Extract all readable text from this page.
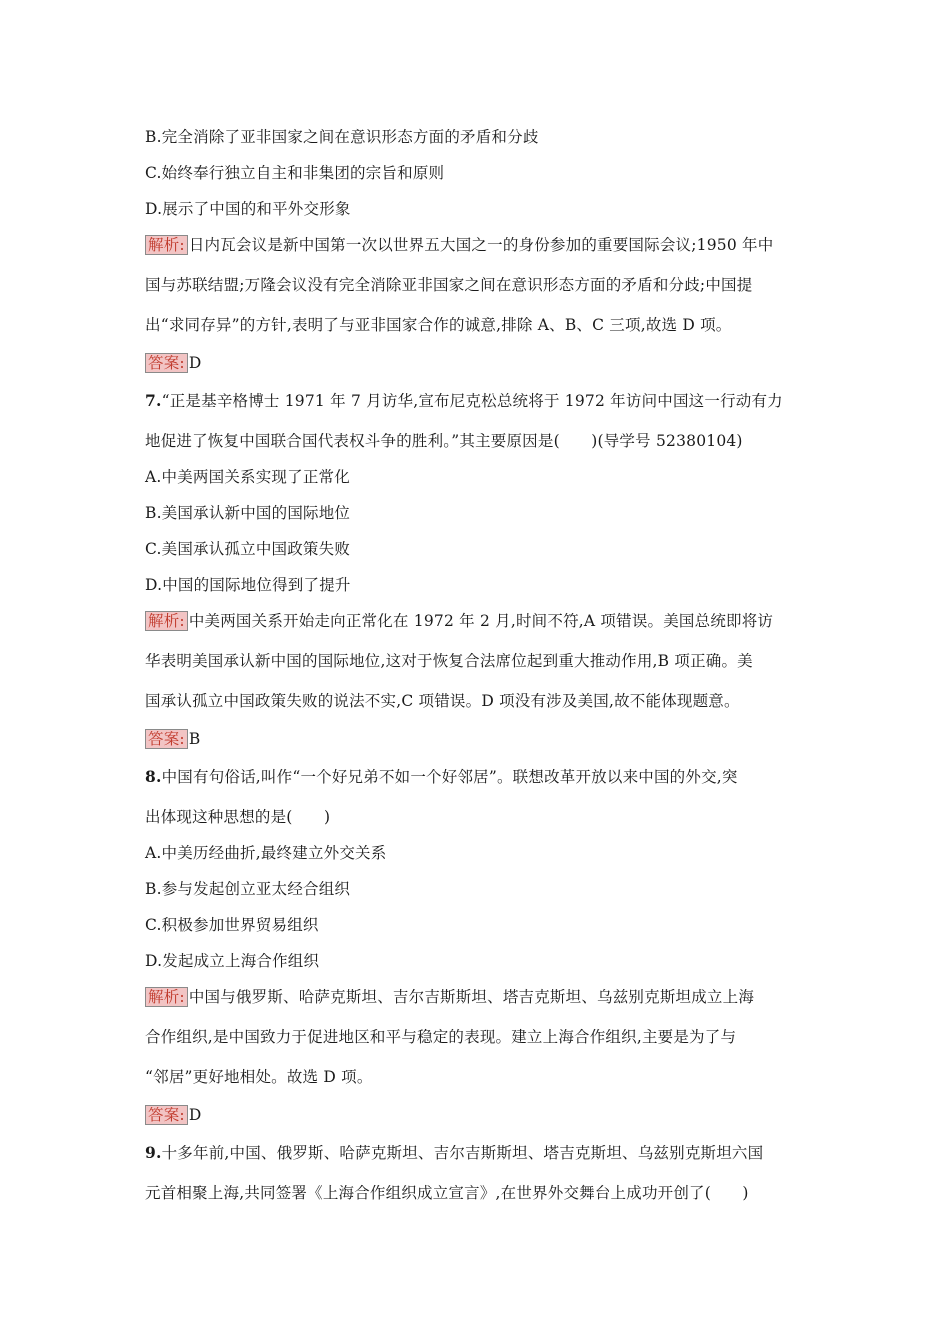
B.完全消除了亚非国家之间在意识形态方面的矛盾和分歧
C.始终奉行独立自主和非集团的宗旨和原则
D.展示了中国的和平外交形象
解析: 日内瓦会议是新中国第一次以世界五大国之一的身份参加的重要国际会议;1950 年中
国与苏联结盟;万隆会议没有完全消除亚非国家之间在意识形态方面的矛盾和分歧;中国提
出“求同存异”的方针,表明了与亚非国家合作的诚意,排除 A、B、C 三项,故选 D 项。
答案: D
7.“正是基辛格博士 1971 年 7 月访华,宣布尼克松总统将于 1972 年访问中国这一行动有力
地促进了恢复中国联合国代表权斗争的胜利。”其主要原因是(　　)(导学号 52380104)
A.中美两国关系实现了正常化
B.美国承认新中国的国际地位
C.美国承认孤立中国政策失败
D.中国的国际地位得到了提升
解析: 中美两国关系开始走向正常化在 1972 年 2 月,时间不符,A 项错误。美国总统即将访
华表明美国承认新中国的国际地位,这对于恢复合法席位起到重大推动作用,B 项正确。美
国承认孤立中国政策失败的说法不实,C 项错误。D 项没有涉及美国,故不能体现题意。
答案: B
8.中国有句俗话,叫作“一个好兄弟不如一个好邻居”。联想改革开放以来中国的外交,突
出体现这种思想的是(　　)
A.中美历经曲折,最终建立外交关系
B.参与发起创立亚太经合组织
C.积极参加世界贸易组织
D.发起成立上海合作组织
解析: 中国与俄罗斯、哈萨克斯坦、吉尔吉斯斯坦、塔吉克斯坦、乌兹别克斯坦成立上海
合作组织,是中国致力于促进地区和平与稳定的表现。建立上海合作组织,主要是为了与
“邻居”更好地相处。故选 D 项。
答案: D
9.十多年前,中国、俄罗斯、哈萨克斯坦、吉尔吉斯斯坦、塔吉克斯坦、乌兹别克斯坦六国
元首相聚上海,共同签署《上海合作组织成立宣言》,在世界外交舞台上成功开创了(　　)
